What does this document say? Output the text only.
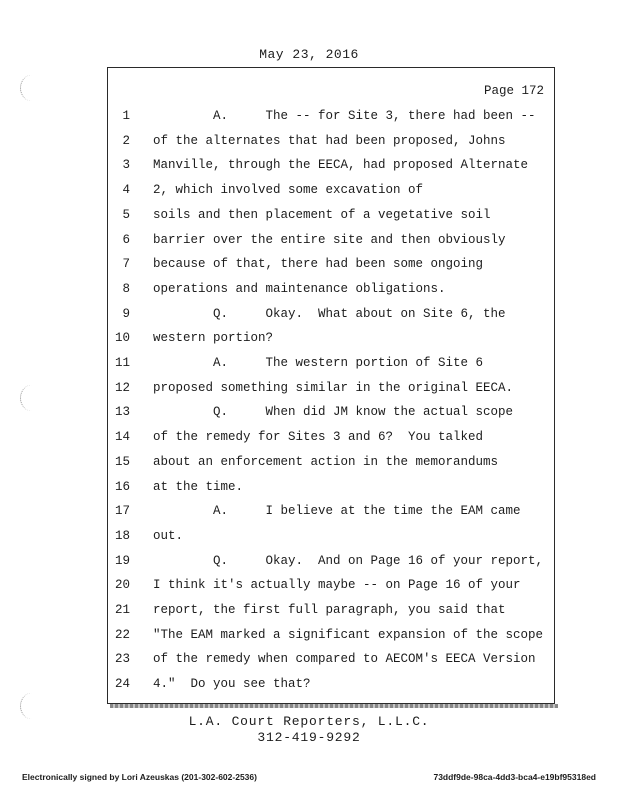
May 23, 2016
Page 172
1 A.     The -- for Site 3, there had been --
2 of the alternates that had been proposed, Johns
3 Manville, through the EECA, had proposed Alternate
4 2, which involved some excavation of
5 soils and then placement of a vegetative soil
6 barrier over the entire site and then obviously
7 because of that, there had been some ongoing
8 operations and maintenance obligations.
9 Q.     Okay.  What about on Site 6, the
10 western portion?
11 A.     The western portion of Site 6
12 proposed something similar in the original EECA.
13 Q.     When did JM know the actual scope
14 of the remedy for Sites 3 and 6?  You talked
15 about an enforcement action in the memorandums
16 at the time.
17 A.     I believe at the time the EAM came
18 out.
19 Q.     Okay.  And on Page 16 of your report,
20 I think it's actually maybe -- on Page 16 of your
21 report, the first full paragraph, you said that
22 "The EAM marked a significant expansion of the scope
23 of the remedy when compared to AECOM's EECA Version
24 4."  Do you see that?
L.A. Court Reporters, L.L.C.
312-419-9292
Electronically signed by Lori Azeuskas (201-302-602-2536)	73ddf9de-98ca-4dd3-bca4-e19bf95318ed
